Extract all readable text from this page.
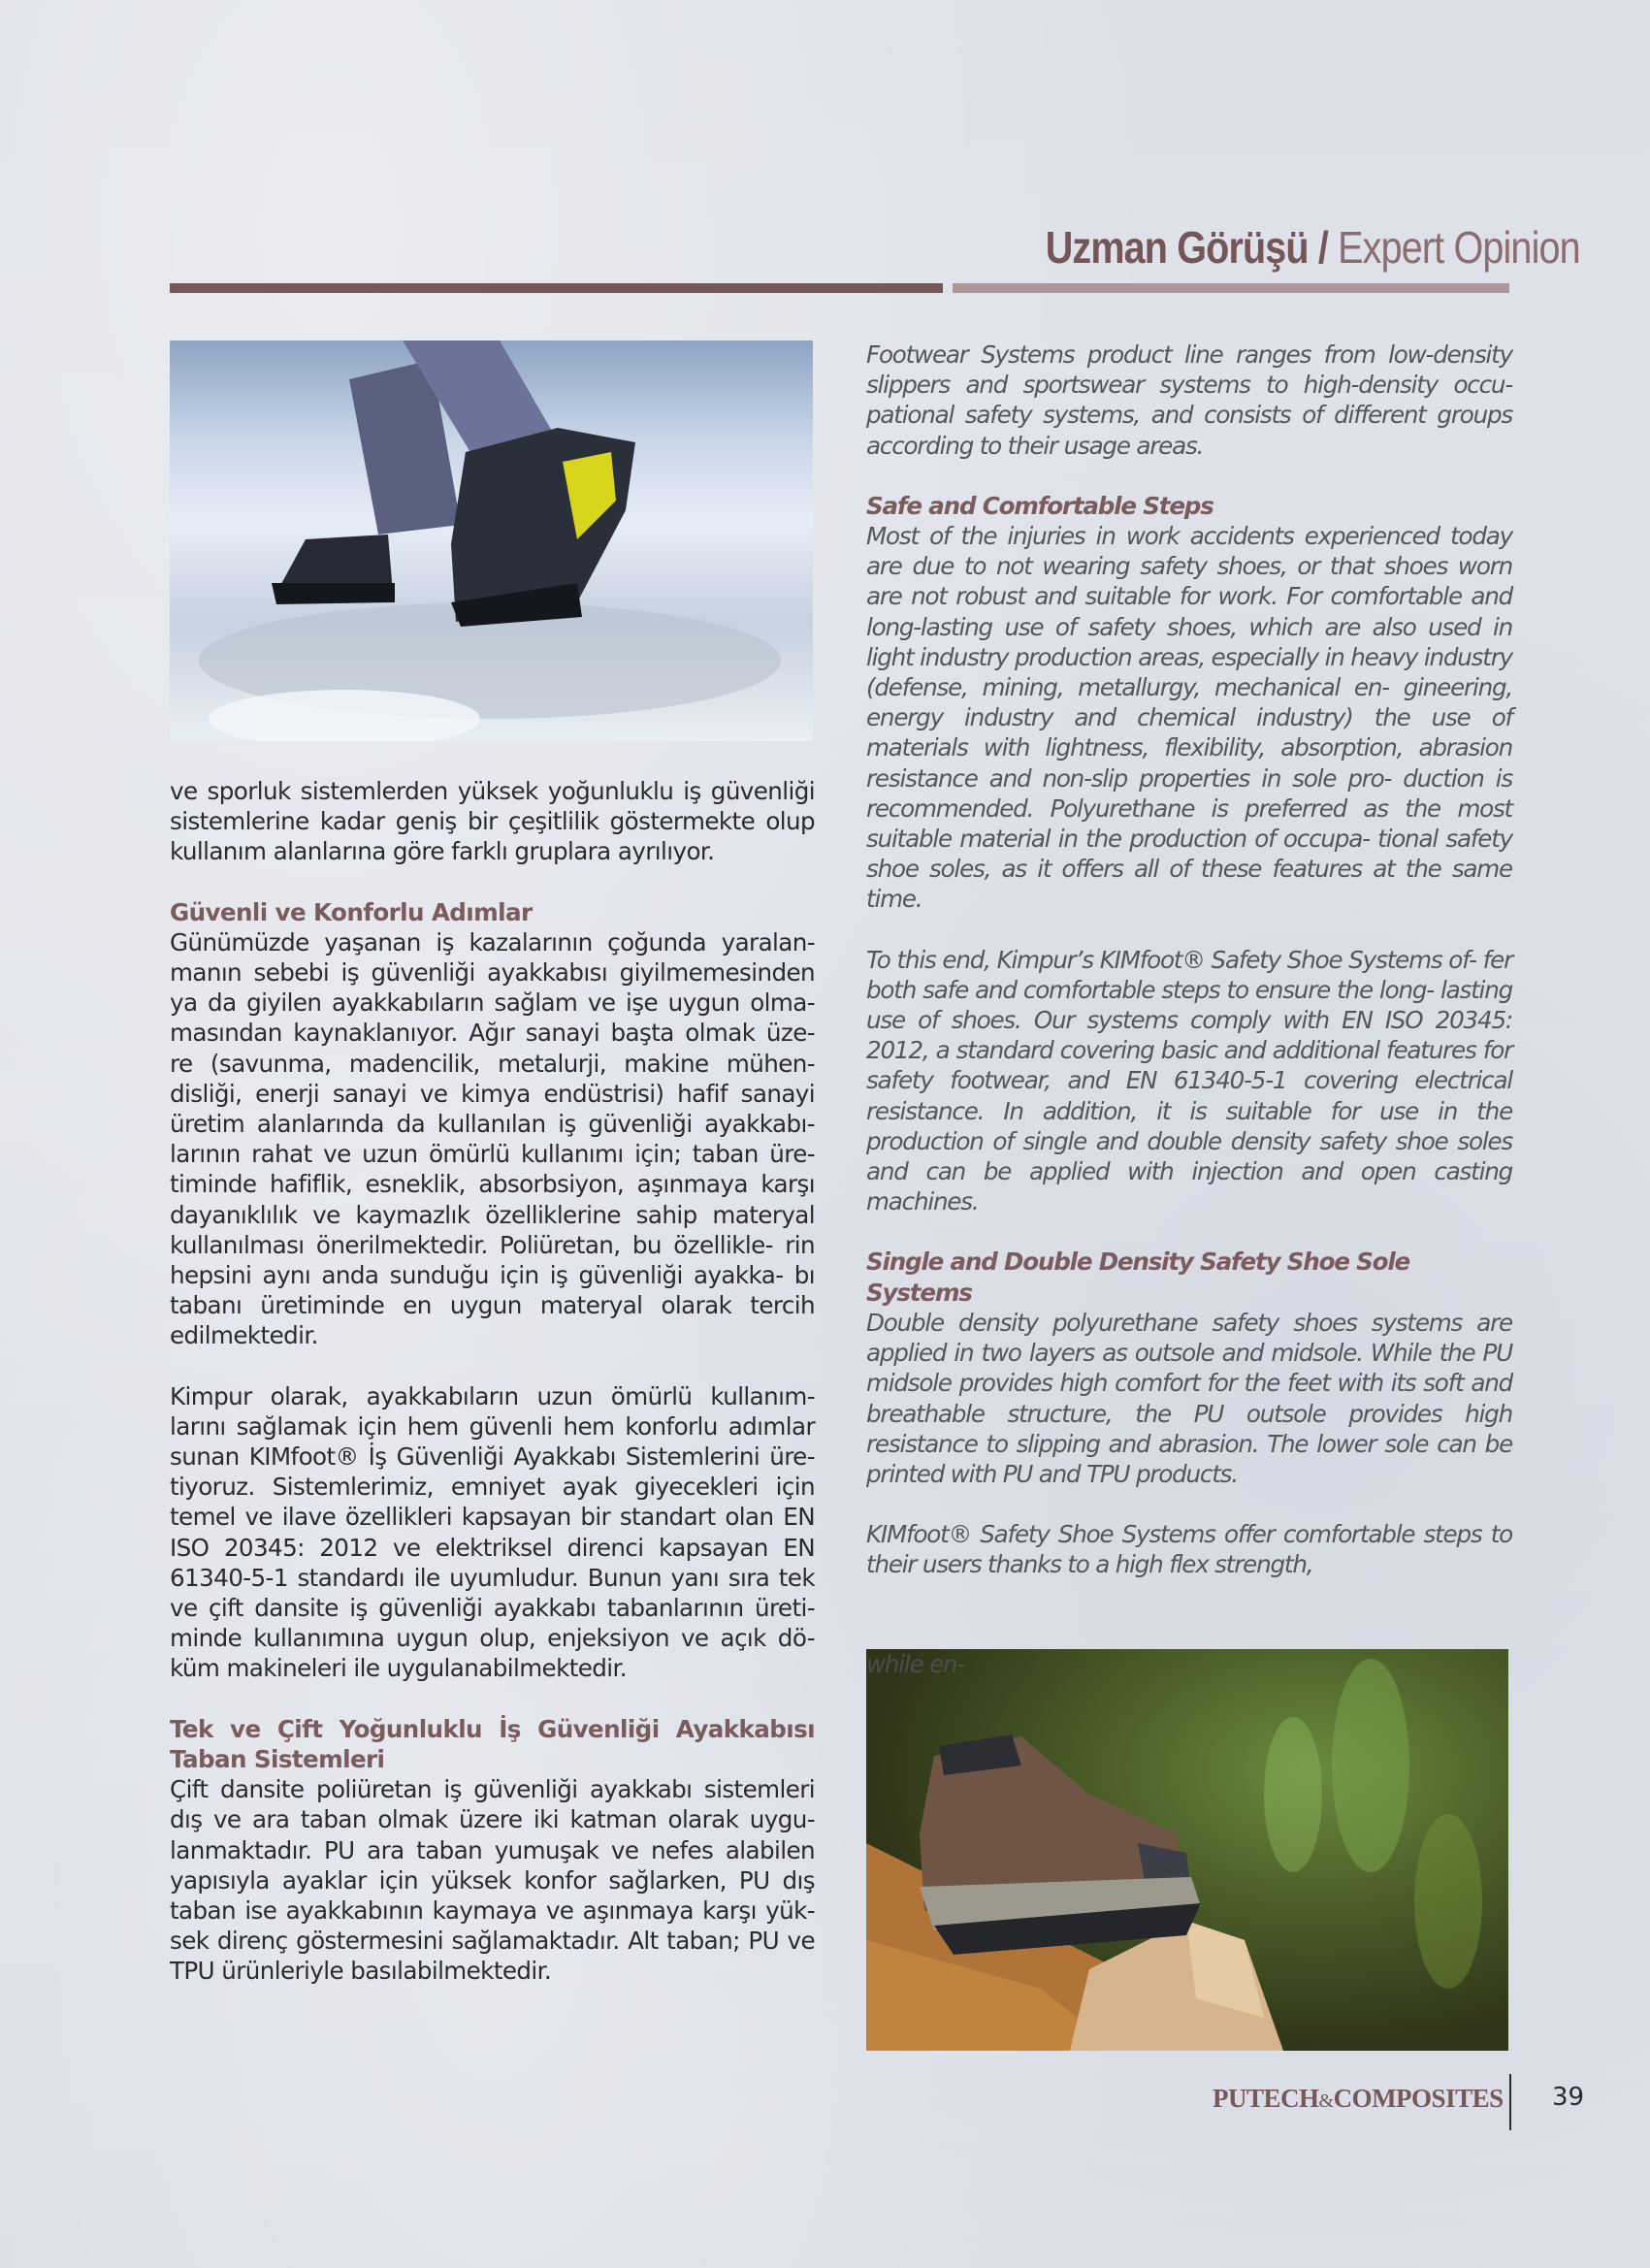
Uzman Görüşü / Expert Opinion

ve sporluk sistemlerden yüksek yoğunluklu iş güvenliği sistemlerine kadar geniş bir çeşitlilik göstermekte olup kullanım alanlarına göre farklı gruplara ayrılıyor.

Güvenli ve Konforlu Adımlar

Günümüzde yaşanan iş kazalarının çoğunda yaralan- manın sebebi iş güvenliği ayakkabısı giyilmemesinden ya da giyilen ayakkabıların sağlam ve işe uygun olma- masından kaynaklanıyor. Ağır sanayi başta olmak üze- re (savunma, madencilik, metalurji, makine mühen- disliği, enerji sanayi ve kimya endüstrisi) hafif sanayi üretim alanlarında da kullanılan iş güvenliği ayakkabı- larının rahat ve uzun ömürlü kullanımı için; taban üre- timinde hafiflik, esneklik, absorbsiyon, aşınmaya karşı dayanıklılık ve kaymazlık özelliklerine sahip materyal kullanılması önerilmektedir. Poliüretan, bu özellikle- rin hepsini aynı anda sunduğu için iş güvenliği ayakka- bı tabanı üretiminde en uygun materyal olarak tercih edilmektedir.

Kimpur olarak, ayakkabıların uzun ömürlü kullanım- larını sağlamak için hem güvenli hem konforlu adımlar sunan KIMfoot® İş Güvenliği Ayakkabı Sistemlerini üre- tiyoruz. Sistemlerimiz, emniyet ayak giyecekleri için temel ve ilave özellikleri kapsayan bir standart olan EN ISO 20345: 2012 ve elektriksel direnci kapsayan EN 61340-5-1 standardı ile uyumludur. Bunun yanı sıra tek ve çift dansite iş güvenliği ayakkabı tabanlarının üreti- minde kullanımına uygun olup, enjeksiyon ve açık dö- küm makineleri ile uygulanabilmektedir.

Tek ve Çift Yoğunluklu İş Güvenliği Ayakkabısı Taban Sistemleri

Çift dansite poliüretan iş güvenliği ayakkabı sistemleri dış ve ara taban olmak üzere iki katman olarak uygu- lanmaktadır. PU ara taban yumuşak ve nefes alabilen yapısıyla ayaklar için yüksek konfor sağlarken, PU dış taban ise ayakkabının kaymaya ve aşınmaya karşı yük- sek direnç göstermesini sağlamaktadır. Alt taban; PU ve TPU ürünleriyle basılabilmektedir.

Footwear Systems product line ranges from low-density slippers and sportswear systems to high-density occu- pational safety systems, and consists of different groups according to their usage areas.

Safe and Comfortable Steps

Most of the injuries in work accidents experienced today are due to not wearing safety shoes, or that shoes worn are not robust and suitable for work. For comfortable and long-lasting use of safety shoes, which are also used in light industry production areas, especially in heavy industry (defense, mining, metallurgy, mechanical en- gineering, energy industry and chemical industry) the use of materials with lightness, flexibility, absorption, abrasion resistance and non-slip properties in sole pro- duction is recommended. Polyurethane is preferred as the most suitable material in the production of occupa- tional safety shoe soles, as it offers all of these features at the same time.

To this end, Kimpur’s KIMfoot® Safety Shoe Systems of- fer both safe and comfortable steps to ensure the long- lasting use of shoes. Our systems comply with EN ISO 20345: 2012, a standard covering basic and additional features for safety footwear, and EN 61340-5-1 covering electrical resistance. In addition, it is suitable for use in the production of single and double density safety shoe soles and can be applied with injection and open casting machines.

Single and Double Density Safety Shoe Sole Systems

Double density polyurethane safety shoes systems are applied in two layers as outsole and midsole. While the PU midsole provides high comfort for the feet with its soft and breathable structure, the PU outsole provides high resistance to slipping and abrasion. The lower sole can be printed with PU and TPU products.

KIMfoot® Safety Shoe Systems offer comfortable steps to their users thanks to a high flex strength,

while en-
PUTECH&COMPOSITES 39
